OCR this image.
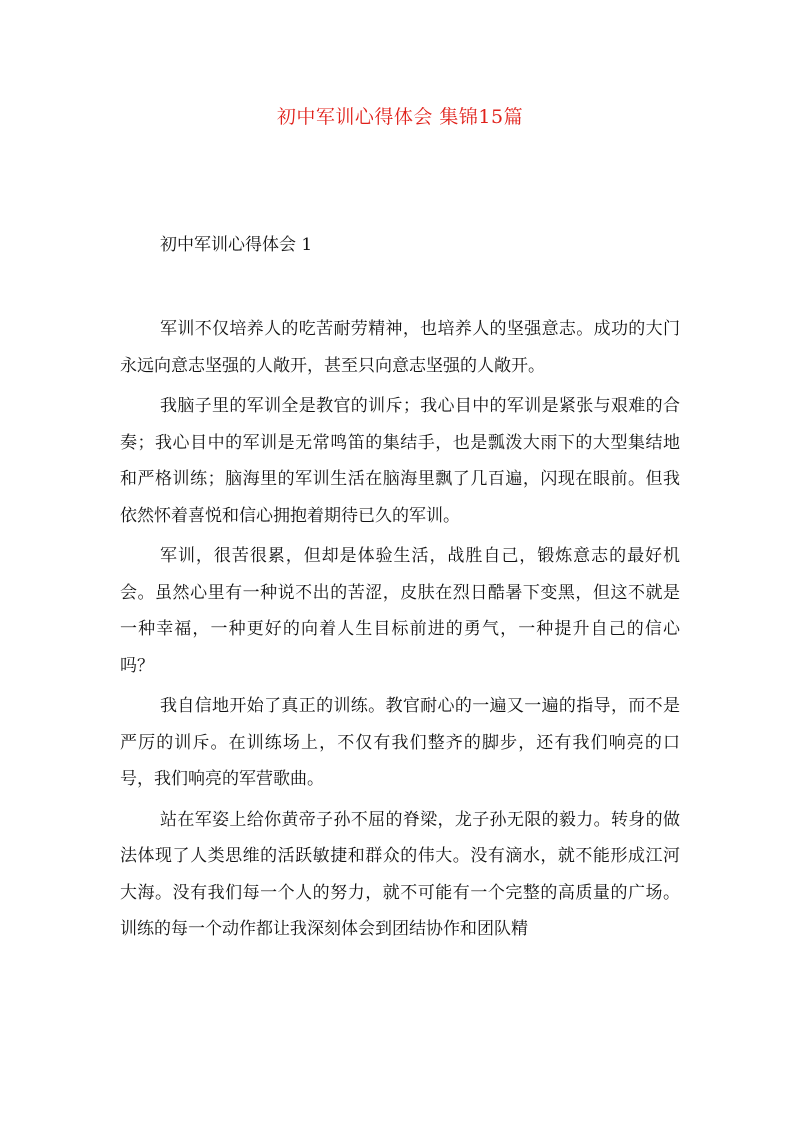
初中军训心得体会 集锦15篇
初中军训心得体会 1

军训不仅培养人的吃苦耐劳精神，也培养人的坚强意志。成功的大门永远向意志坚强的人敞开，甚至只向意志坚强的人敞开。

我脑子里的军训全是教官的训斥；我心目中的军训是紧张与艰难的合奏；我心目中的军训是无常鸣笛的集结手，也是瓢泼大雨下的大型集结地和严格训练；脑海里的军训生活在脑海里飘了几百遍，闪现在眼前。但我依然怀着喜悦和信心拥抱着期待已久的军训。

军训，很苦很累，但却是体验生活，战胜自己，锻炼意志的最好机会。虽然心里有一种说不出的苦涩，皮肤在烈日酷暑下变黑，但这不就是一种幸福，一种更好的向着人生目标前进的勇气，一种提升自己的信心吗？

我自信地开始了真正的训练。教官耐心的一遍又一遍的指导，而不是严厉的训斥。在训练场上，不仅有我们整齐的脚步，还有我们响亮的口号，我们响亮的军营歌曲。

站在军姿上给你黄帝子孙不屈的脊梁，龙子孙无限的毅力。转身的做法体现了人类思维的活跃敏捷和群众的伟大。没有滴水，就不能形成江河大海。没有我们每一个人的努力，就不可能有一个完整的高质量的广场。训练的每一个动作都让我深刻体会到团结协作和团队精
